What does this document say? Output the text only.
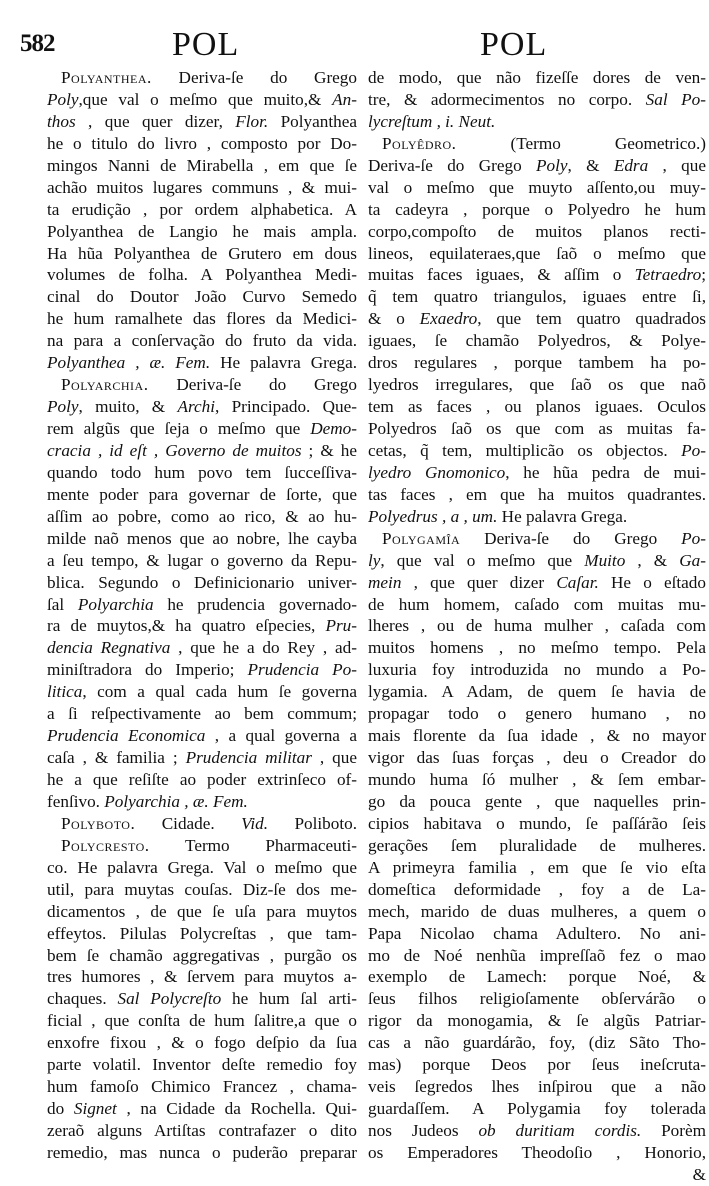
582	POL	POL
Polyanthea. Deriva-ſe do Grego
Poly,que val o meſmo que muito,& An-
thos , que quer dizer, Flor. Polyanthea
he o titulo do livro , composto por Do-
mingos Nanni de Mirabella , em que ſe
achão muitos lugares communs , & mui-
ta erudição , por ordem alphabetica. A
Polyanthea de Langio he mais ampla.
Ha hũa Polyanthea de Grutero em dous
volumes de folha. A Polyanthea Medi-
cinal do Doutor João Curvo Semedo
he hum ramalhete das flores da Medici-
na para a conſervação do fruto da vida.
Polyanthea , æ. Fem. He palavra Grega.
Polyarchia. Deriva-ſe do Grego
Poly, muito, & Archi, Principado. Que-
rem algũs que ſeja o meſmo que Demo-
cracia , id eſt , Governo de muitos ; & he
quando todo hum povo tem ſucceſſiva-
mente poder para governar de ſorte, que
aſſim ao pobre, como ao rico, & ao hu-
milde naõ menos que ao nobre, lhe cayba
a ſeu tempo, & lugar o governo da Repu-
blica. Segundo o Definicionario univer-
ſal Polyarchia he prudencia governado-
ra de muytos,& ha quatro eſpecies, Pru-
dencia Regnativa , que he a do Rey , ad-
miniſtradora do Imperio; Prudencia Po-
litica, com a qual cada hum ſe governa
a ſi reſpectivamente ao bem commum;
Prudencia Economica , a qual governa a
caſa , & familia ; Prudencia militar , que
he a que reſiſte ao poder extrinſeco of-
fenſivo. Polyarchia , æ. Fem.
Polyboto. Cidade. Vid. Poliboto.
Polycresto. Termo Pharmaceuti-
co. He palavra Grega. Val o meſmo que
util, para muytas couſas. Diz-ſe dos me-
dicamentos , de que ſe uſa para muytos
effeytos. Pilulas Polycreſtas , que tam-
bem ſe chamão aggregativas , purgão os
tres humores , & ſervem para muytos a-
chaques. Sal Polycreſto he hum ſal arti-
ficial , que conſta de hum ſalitre,a que o
enxofre fixou , & o fogo deſpio da ſua
parte volatil. Inventor deſte remedio foy
hum famoſo Chimico Francez , chama-
do Signet , na Cidade da Rochella. Qui-
zeraõ alguns Artiſtas contrafazer o dito
remedio, mas nunca o puderão preparar
de modo, que não fizeſſe dores de ven-
tre, & adormecimentos no corpo. Sal Po-
lycreſtum , i. Neut.
Polyêdro. (Termo Geometrico.)
Deriva-ſe do Grego Poly, & Edra , que
val o meſmo que muyto aſſento,ou muy-
ta cadeyra , porque o Polyedro he hum
corpo,compoſto de muitos planos recti-
lineos, equilateraes,que ſaõ o meſmo que
muitas faces iguaes, & aſſim o Tetraedro;
q̃ tem quatro triangulos, iguaes entre ſi,
& o Exaedro, que tem quatro quadrados
iguaes, ſe chamão Polyedros, & Polye-
dros regulares , porque tambem ha po-
lyedros irregulares, que ſaõ os que naõ
tem as faces , ou planos iguaes. Oculos
Polyedros ſaõ os que com as muitas fa-
cetas, q̃ tem, multiplicão os objectos. Po-
lyedro Gnomonico, he hũa pedra de mui-
tas faces , em que ha muitos quadrantes.
Polyedrus , a , um. He palavra Grega.
Polygamîa Deriva-ſe do Grego Po-
ly, que val o meſmo que Muito , & Ga-
mein , que quer dizer Caſar. He o eſtado
de hum homem, caſado com muitas mu-
lheres , ou de huma mulher , caſada com
muitos homens , no meſmo tempo. Pela
luxuria foy introduzida no mundo a Po-
lygamia. A Adam, de quem ſe havia de
propagar todo o genero humano , no
mais florente da ſua idade , & no mayor
vigor das ſuas forças , deu o Creador do
mundo huma ſó mulher , & ſem embar-
go da pouca gente , que naquelles prin-
cipios habitava o mundo, ſe paſſárão ſeis
gerações ſem pluralidade de mulheres.
A primeyra familia , em que ſe vio eſta
domeſtica deformidade , foy a de La-
mech, marido de duas mulheres, a quem o
Papa Nicolao chama Adultero. No ani-
mo de Noé nenhũa impreſſaõ fez o mao
exemplo de Lamech: porque Noé, &
ſeus filhos religioſamente obſervárão o
rigor da monogamia, & ſe algũs Patriar-
cas a não guardárão, foy, (diz Sãto Tho-
mas) porque Deos por ſeus ineſcruta-
veis ſegredos lhes inſpirou que a não
guardaſſem. A Polygamia foy tolerada
nos Judeos ob duritiam cordis. Porèm
os Emperadores Theodoſio , Honorio,
&
